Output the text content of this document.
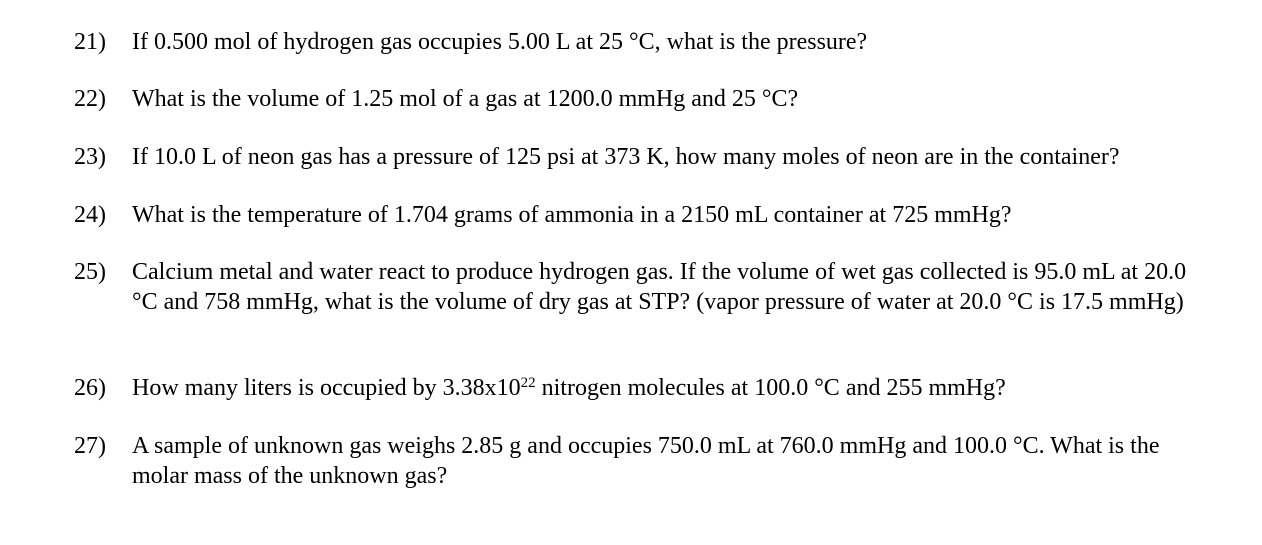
21) If 0.500 mol of hydrogen gas occupies 5.00 L at 25 °C, what is the pressure?
22) What is the volume of 1.25 mol of a gas at 1200.0 mmHg and 25 °C?
23) If 10.0 L of neon gas has a pressure of 125 psi at 373 K, how many moles of neon are in the container?
24) What is the temperature of 1.704 grams of ammonia in a 2150 mL container at 725 mmHg?
25) Calcium metal and water react to produce hydrogen gas. If the volume of wet gas collected is 95.0 mL at 20.0 °C and 758 mmHg, what is the volume of dry gas at STP? (vapor pressure of water at 20.0 °C is 17.5 mmHg)
26) How many liters is occupied by $3.38x10^{22}$ nitrogen molecules at 100.0 °C and 255 mmHg?
27) A sample of unknown gas weighs 2.85 g and occupies 750.0 mL at 760.0 mmHg and 100.0 °C. What is the molar mass of the unknown gas?
